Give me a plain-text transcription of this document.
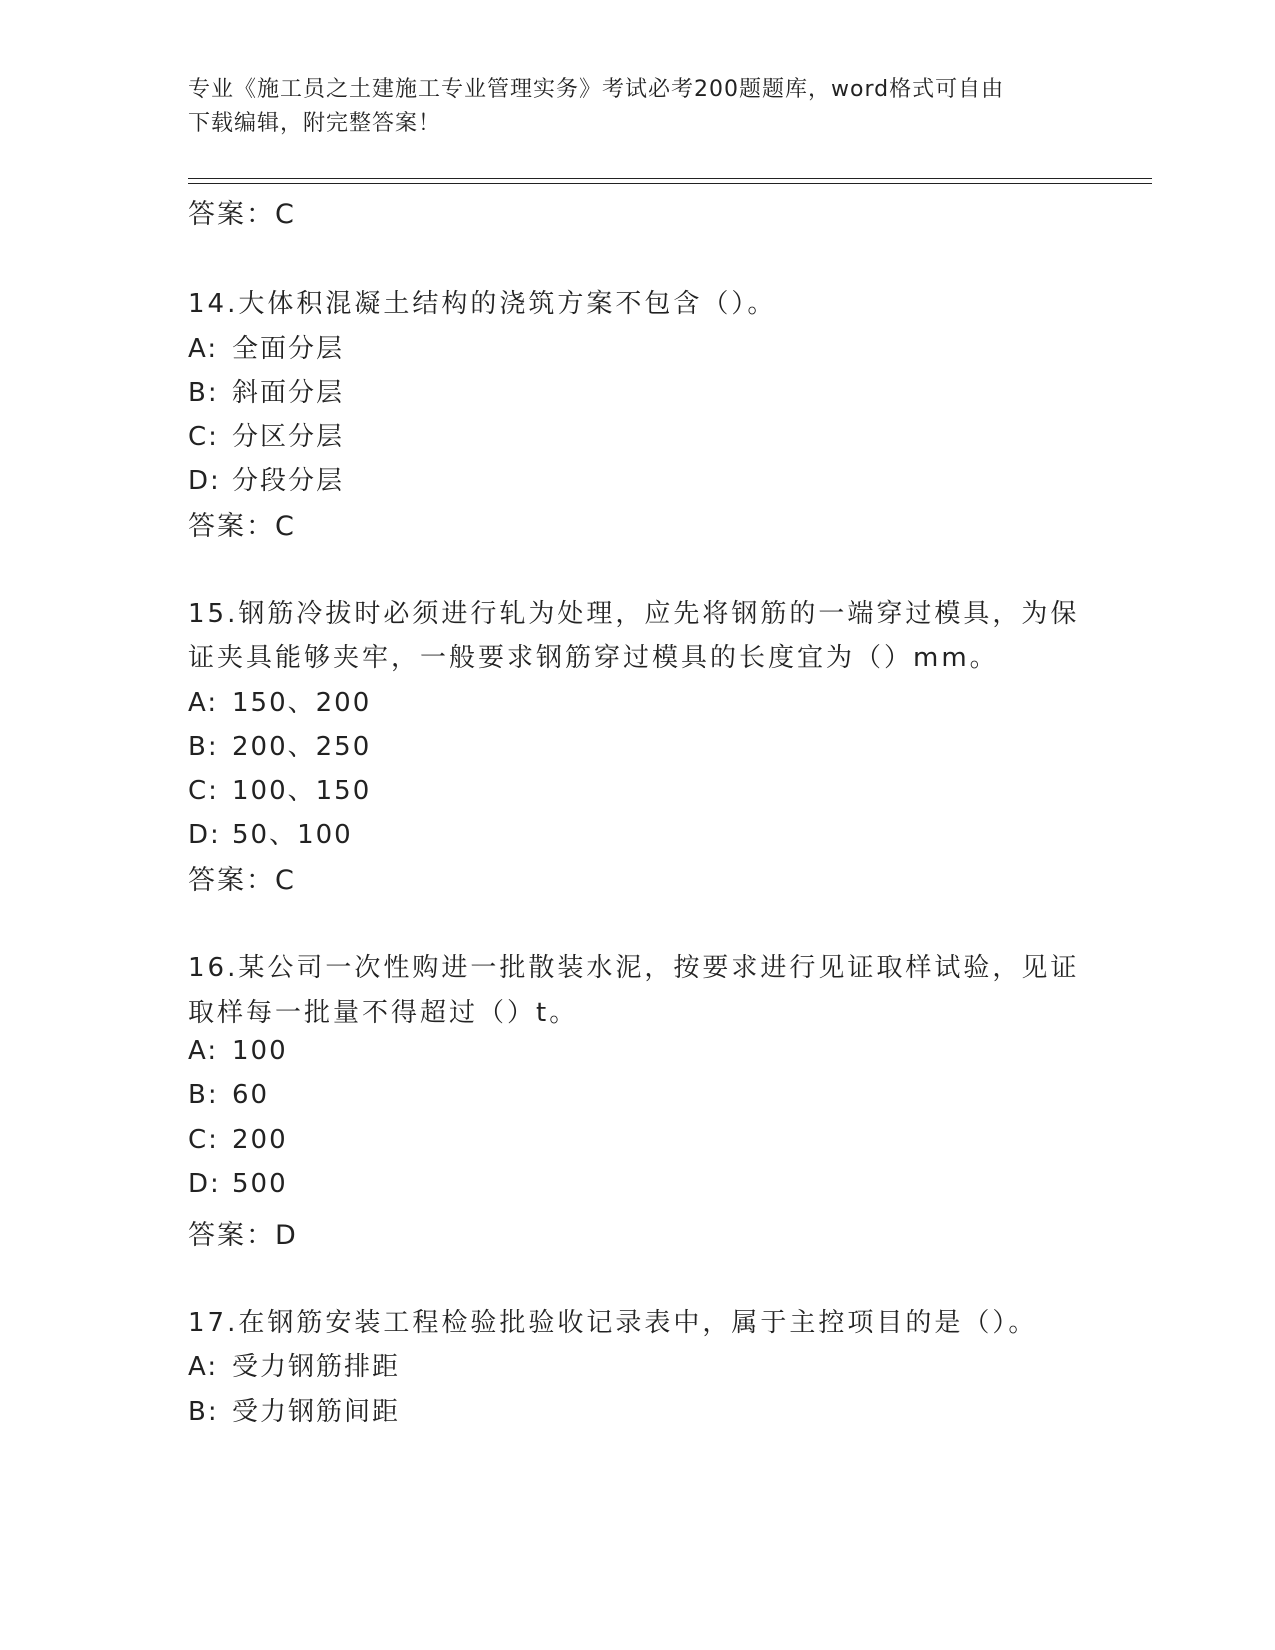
专业《施工员之土建施工专业管理实务》考试必考200题题库，word格式可自由
下载编辑，附完整答案！
答案：C
14.大体积混凝土结构的浇筑方案不包含（）。
A: 全面分层
B: 斜面分层
C: 分区分层
D: 分段分层
答案：C
15.钢筋冷拔时必须进行轧为处理，应先将钢筋的一端穿过模具，为保
证夹具能够夹牢，一般要求钢筋穿过模具的长度宜为（）mm。
A: 150、200
B: 200、250
C: 100、150
D: 50、100
答案：C
16.某公司一次性购进一批散装水泥，按要求进行见证取样试验，见证
取样每一批量不得超过（）t。
A: 100
B: 60
C: 200
D: 500
答案：D
17.在钢筋安装工程检验批验收记录表中，属于主控项目的是（）。
A: 受力钢筋排距
B: 受力钢筋间距
